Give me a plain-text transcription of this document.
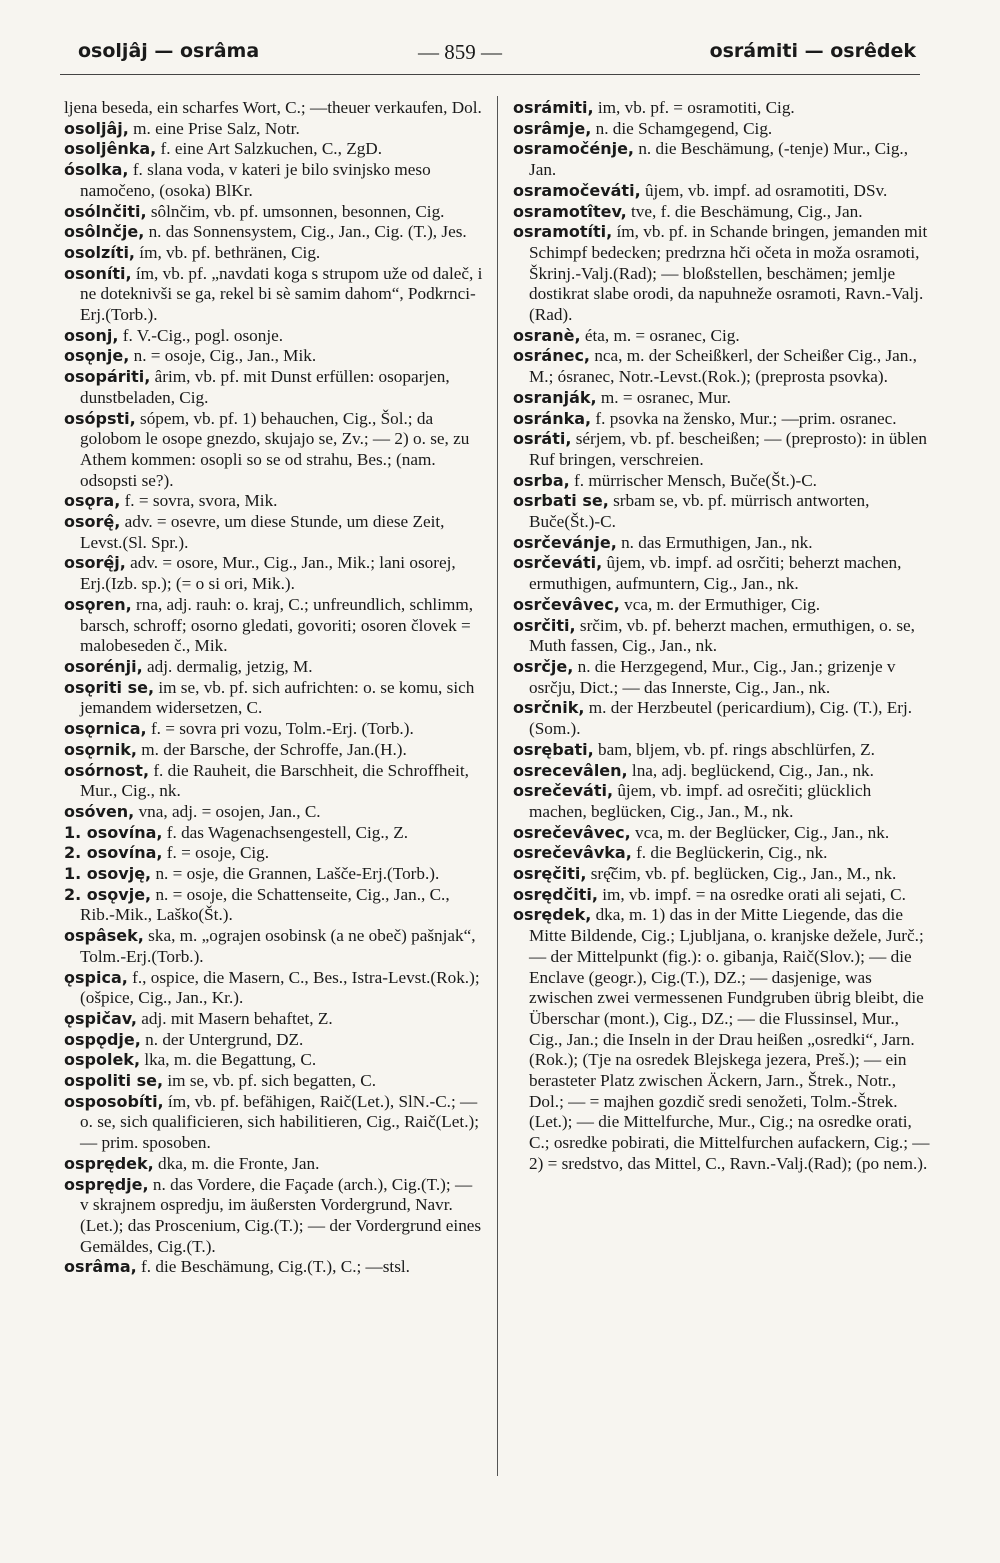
osoljâj — osrâma	— 859 —	osrámiti — osrêdek

ljena beseda, ein scharfes Wort, C.; —theuer verkaufen, Dol.

osoljâj, m. eine Prise Salz, Notr.

osoljênka, f. eine Art Salzkuchen, C., ZgD.

ósolka, f. slana voda, v kateri je bilo svinjsko meso namočeno, (osoka) BlKr.

osólnčiti, sôlnčim, vb. pf. umsonnen, besonnen, Cig.

osôlnčje, n. das Sonnensystem, Cig., Jan., Cig. (T.), Jes.

osolzíti, ím, vb. pf. bethränen, Cig.

osoníti, ím, vb. pf. „navdati koga s strupom uže od daleč, i ne doteknivši se ga, rekel bi sè samim dahom“, Podkrnci-Erj.(Torb.).

osonj, f. V.-Cig., pogl. osonje.

osǫnje, n. = osoje, Cig., Jan., Mik.

osopáriti, ârim, vb. pf. mit Dunst erfüllen: osoparjen, dunstbeladen, Cig.

osópsti, sópem, vb. pf. 1) behauchen, Cig., Šol.; da golobom le osope gnezdo, skujajo se, Zv.; — 2) o. se, zu Athem kommen: osopli so se od strahu, Bes.; (nam. odsopsti se?).

osǫra, f. = sovra, svora, Mik.

osorę̂, adv. = osevre, um diese Stunde, um diese Zeit, Levst.(Sl. Spr.).

osorę̂j, adv. = osore, Mur., Cig., Jan., Mik.; lani osorej, Erj.(Izb. sp.); (= o si ori, Mik.).

osǫren, rna, adj. rauh: o. kraj, C.; unfreundlich, schlimm, barsch, schroff; osorno gledati, govoriti; osoren človek = malobeseden č., Mik.

osorénji, adj. dermalig, jetzig, M.

osǫriti se, im se, vb. pf. sich aufrichten: o. se komu, sich jemandem widersetzen, C.

osǫrnica, f. = sovra pri vozu, Tolm.-Erj. (Torb.).

osǫrnik, m. der Barsche, der Schroffe, Jan.(H.).

osórnost, f. die Rauheit, die Barschheit, die Schroffheit, Mur., Cig., nk.

osóven, vna, adj. = osojen, Jan., C.

1. osovína, f. das Wagenachsengestell, Cig., Z.

2. osovína, f. = osoje, Cig.

1. osovję, n. = osje, die Grannen, Lašče-Erj.(Torb.).

2. osǫvje, n. = osoje, die Schattenseite, Cig., Jan., C., Rib.-Mik., Laško(Št.).

ospâsek, ska, m. „ograjen osobinsk (a ne obeč) pašnjak“, Tolm.-Erj.(Torb.).

ǫspica, f., ospice, die Masern, C., Bes., Istra-Levst.(Rok.); (ošpice, Cig., Jan., Kr.).

ǫspičav, adj. mit Masern behaftet, Z.

ospǫdje, n. der Untergrund, DZ.

ospolek, lka, m. die Begattung, C.

ospoliti se, im se, vb. pf. sich begatten, C.

osposobíti, ím, vb. pf. befähigen, Raič(Let.), SlN.-C.; — o. se, sich qualificieren, sich habilitieren, Cig., Raič(Let.); — prim. sposoben.

osprędek, dka, m. die Fronte, Jan.

osprędje, n. das Vordere, die Façade (arch.), Cig.(T.); — v skrajnem ospredju, im äußersten Vordergrund, Navr.(Let.); das Proscenium, Cig.(T.); — der Vordergrund eines Gemäldes, Cig.(T.).

osrâma, f. die Beschämung, Cig.(T.), C.; —stsl.

osrámiti, im, vb. pf. = osramotiti, Cig.

osrâmje, n. die Schamgegend, Cig.

osramočénje, n. die Beschämung, (-tenje) Mur., Cig., Jan.

osramočeváti, ûjem, vb. impf. ad osramotiti, DSv.

osramotîtev, tve, f. die Beschämung, Cig., Jan.

osramotíti, ím, vb. pf. in Schande bringen, jemanden mit Schimpf bedecken; predrzna hči očeta in moža osramoti, Škrinj.-Valj.(Rad); — bloßstellen, beschämen; jemlje dostikrat slabe orodi, da napuhneže osramoti, Ravn.-Valj.(Rad).

osranè, éta, m. = osranec, Cig.

osránec, nca, m. der Scheißkerl, der Scheißer Cig., Jan., M.; ósranec, Notr.-Levst.(Rok.); (preprosta psovka).

osranják, m. = osranec, Mur.

osránka, f. psovka na žensko, Mur.; —prim. osranec.

osráti, sérjem, vb. pf. bescheißen; — (preprosto): in üblen Ruf bringen, verschreien.

osrba, f. mürrischer Mensch, Buče(Št.)-C.

osrbati se, srbam se, vb. pf. mürrisch antworten, Buče(Št.)-C.

osrčevánje, n. das Ermuthigen, Jan., nk.

osrčeváti, ûjem, vb. impf. ad osrčiti; beherzt machen, ermuthigen, aufmuntern, Cig., Jan., nk.

osrčevâvec, vca, m. der Ermuthiger, Cig.

osrčiti, srčim, vb. pf. beherzt machen, ermuthigen, o. se, Muth fassen, Cig., Jan., nk.

osrčje, n. die Herzgegend, Mur., Cig., Jan.; grizenje v osrčju, Dict.; — das Innerste, Cig., Jan., nk.

osrčnik, m. der Herzbeutel (pericardium), Cig. (T.), Erj.(Som.).

osrębati, bam, bljem, vb. pf. rings abschlürfen, Z.

osrecevâlen, lna, adj. beglückend, Cig., Jan., nk.

osrečeváti, ûjem, vb. impf. ad osrečiti; glücklich machen, beglücken, Cig., Jan., M., nk.

osrečevâvec, vca, m. der Beglücker, Cig., Jan., nk.

osrečevâvka, f. die Beglückerin, Cig., nk.

osręčiti, srę̂čim, vb. pf. beglücken, Cig., Jan., M., nk.

osrędčiti, im, vb. impf. = na osredke orati ali sejati, C.

osrędek, dka, m. 1) das in der Mitte Liegende, das die Mitte Bildende, Cig.; Ljubljana, o. kranjske dežele, Jurč.; — der Mittelpunkt (fig.): o. gibanja, Raič(Slov.); — die Enclave (geogr.), Cig.(T.), DZ.; — dasjenige, was zwischen zwei vermessenen Fundgruben übrig bleibt, die Überschar (mont.), Cig., DZ.; — die Flussinsel, Mur., Cig., Jan.; die Inseln in der Drau heißen „osredki“, Jarn.(Rok.); (Tje na osredek Blejskega jezera, Preš.); — ein berasteter Platz zwischen Äckern, Jarn., Štrek., Notr., Dol.; — = majhen gozdič sredi senožeti, Tolm.-Štrek.(Let.); — die Mittelfurche, Mur., Cig.; na osredke orati, C.; osredke pobirati, die Mittelfurchen aufackern, Cig.; — 2) = sredstvo, das Mittel, C., Ravn.-Valj.(Rad); (po nem.).
